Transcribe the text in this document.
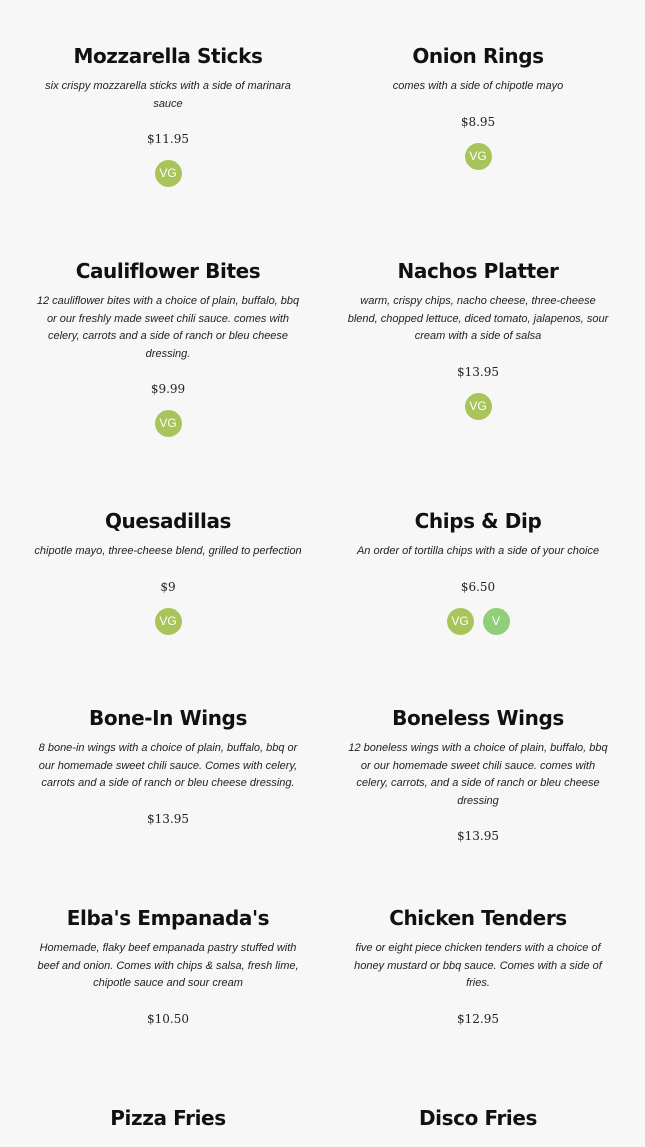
Mozzarella Sticks
six crispy mozzarella sticks with a side of marinara sauce
$11.95
VG
Onion Rings
comes with a side of chipotle mayo
$8.95
VG
Cauliflower Bites
12 cauliflower bites with a choice of plain, buffalo, bbq or our freshly made sweet chili sauce. comes with celery, carrots and a side of ranch or bleu cheese dressing.
$9.99
VG
Nachos Platter
warm, crispy chips, nacho cheese, three-cheese blend, chopped lettuce, diced tomato, jalapenos, sour cream with a side of salsa
$13.95
VG
Quesadillas
chipotle mayo, three-cheese blend, grilled to perfection
$9
VG
Chips & Dip
An order of tortilla chips with a side of your choice
$6.50
VG	V
Bone-In Wings
8 bone-in wings with a choice of plain, buffalo, bbq or our homemade sweet chili sauce. Comes with celery, carrots and a side of ranch or bleu cheese dressing.
$13.95
Boneless Wings
12 boneless wings with a choice of plain, buffalo, bbq or our homemade sweet chili sauce. comes with celery, carrots, and a side of ranch or bleu cheese dressing
$13.95
Elba's Empanada's
Homemade, flaky beef empanada pastry stuffed with beef and onion. Comes with chips & salsa, fresh lime, chipotle sauce and sour cream
$10.50
Chicken Tenders
five or eight piece chicken tenders with a choice of honey mustard or bbq sauce. Comes with a side of fries.
$12.95
Pizza Fries	Disco Fries
